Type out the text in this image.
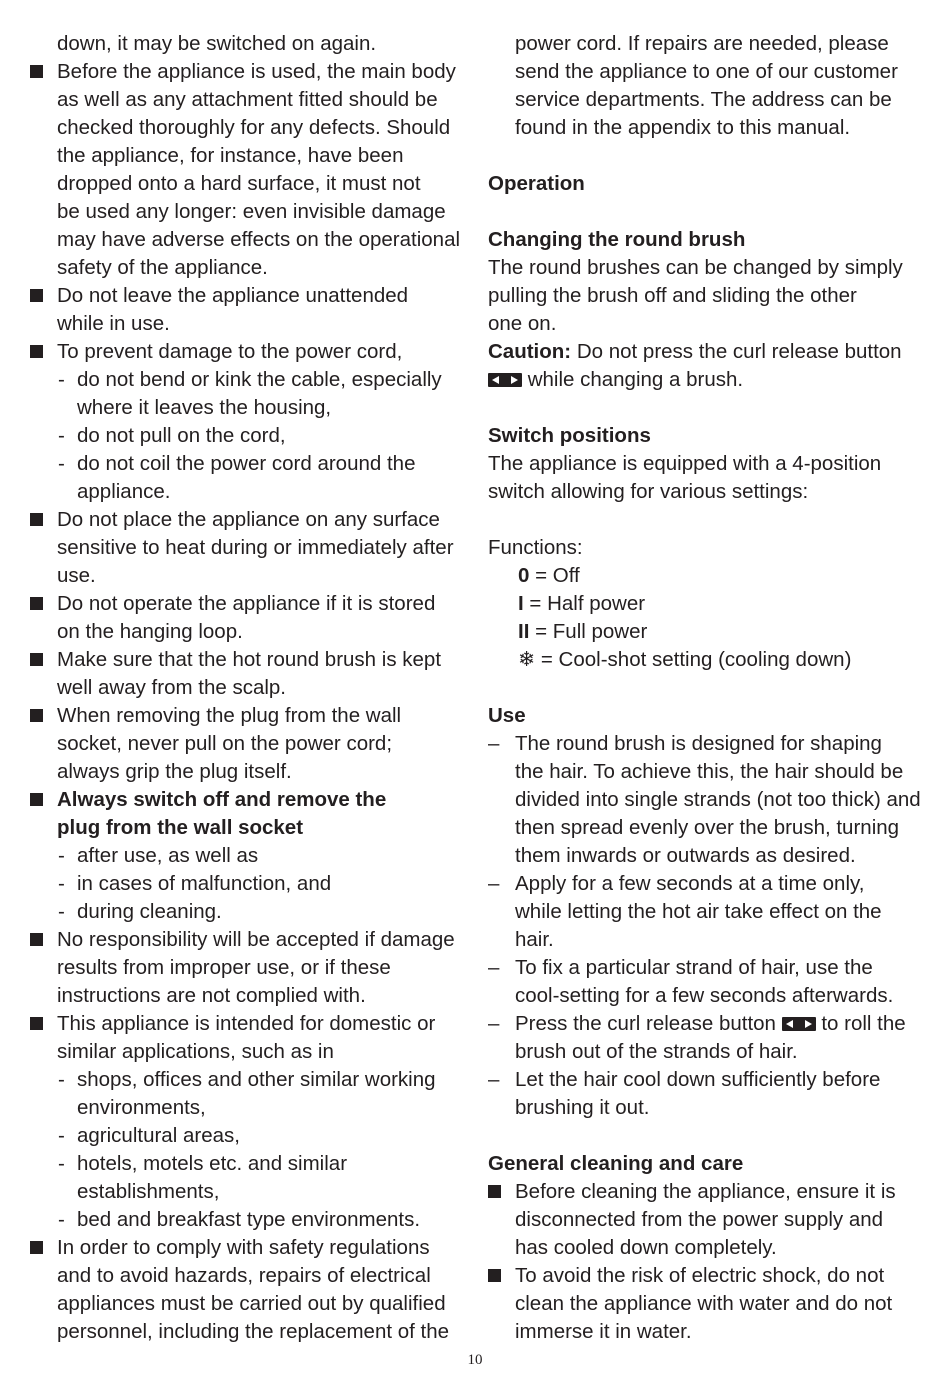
down, it may be switched on again.
Before the appliance is used, the main body
as well as any attachment fitted should be
checked thoroughly for any defects. Should
the appliance, for instance, have been
dropped onto a hard surface, it must not
be used any longer: even invisible damage
may have adverse effects on the operational
safety of the appliance.
Do not leave the appliance unattended
while in use.
To prevent damage to the power cord,
- do not bend or kink the cable, especially
where it leaves the housing,
- do not pull on the cord,
- do not coil the power cord around the
appliance.
Do not place the appliance on any surface
sensitive to heat during or immediately after
use.
Do not operate the appliance if it is stored
on the hanging loop.
Make sure that the hot round brush is kept
well away from the scalp.
When removing the plug from the wall
socket, never pull on the power cord;
always grip the plug itself.
Always switch off and remove the
plug from the wall socket
- after use, as well as
- in cases of malfunction, and
- during cleaning.
No responsibility will be accepted if damage
results from improper use, or if these
instructions are not complied with.
This appliance is intended for domestic or
similar applications, such as in
- shops, offices and other similar working
environments,
- agricultural areas,
- hotels, motels etc. and similar
establishments,
- bed and breakfast type environments.
In order to comply with safety regulations
and to avoid hazards, repairs of electrical
appliances must be carried out by qualified
personnel, including the replacement of the
power cord. If repairs are needed, please
send the appliance to one of our customer
service departments. The address can be
found in the appendix to this manual.
Operation
Changing the round brush
The round brushes can be changed by simply
pulling the brush off and sliding the other
one on.
Caution: Do not press the curl release button
while changing a brush.
Switch positions
The appliance is equipped with a 4-position
switch allowing for various settings:
Functions:
0 = Off
I = Half power
II = Full power
❄ = Cool-shot setting (cooling down)
Use
– The round brush is designed for shaping
the hair. To achieve this, the hair should be
divided into single strands (not too thick) and
then spread evenly over the brush, turning
them inwards or outwards as desired.
– Apply for a few seconds at a time only,
while letting the hot air take effect on the
hair.
– To fix a particular strand of hair, use the
cool-setting for a few seconds afterwards.
– Press the curl release button  to roll the
brush out of the strands of hair.
– Let the hair cool down sufficiently before
brushing it out.
General cleaning and care
Before cleaning the appliance, ensure it is
disconnected from the power supply and
has cooled down completely.
To avoid the risk of electric shock, do not
clean the appliance with water and do not
immerse it in water.
10
